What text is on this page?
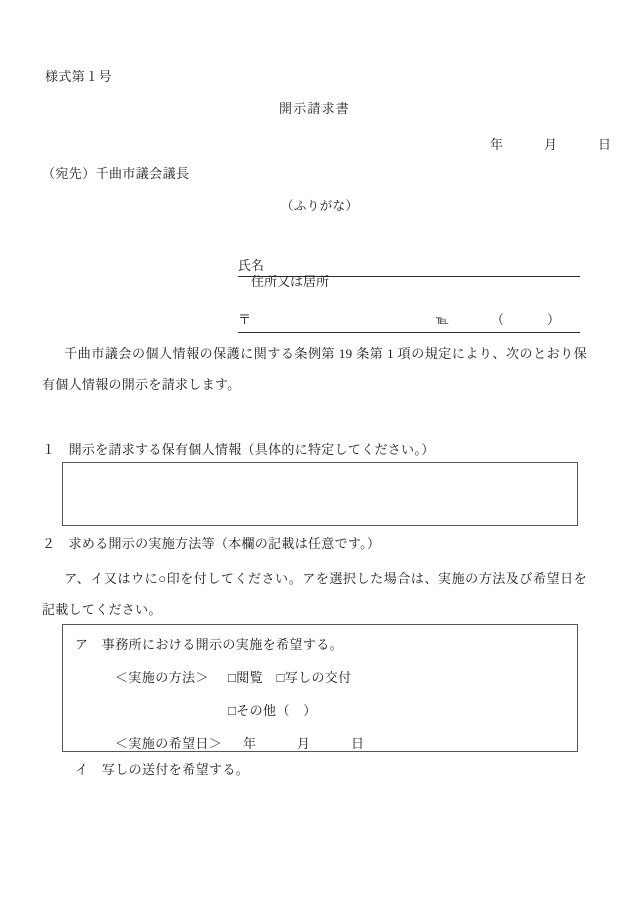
様式第１号
開示請求書
年　　　月　　　日
（宛先）千曲市議会議長
（ふりがな）

氏名

住所又は居所

〒

	℡

	（　　　）

千曲市議会の個人情報の保護に関する条例第 19 条第 1 項の規定により、次のとおり保有個人情報の開示を請求します。
１　開示を請求する保有個人情報（具体的に特定してください。）
２　求める開示の実施方法等（本欄の記載は任意です。）
ア、イ又はウに○印を付してください。アを選択した場合は、実施の方法及び希望日を記載してください。
ア　事務所における開示の実施を希望する。
＜実施の方法＞ □閲覧　□写しの交付
□その他（　）
＜実施の希望日＞ 年　　　月　　　日
イ　写しの送付を希望する。
